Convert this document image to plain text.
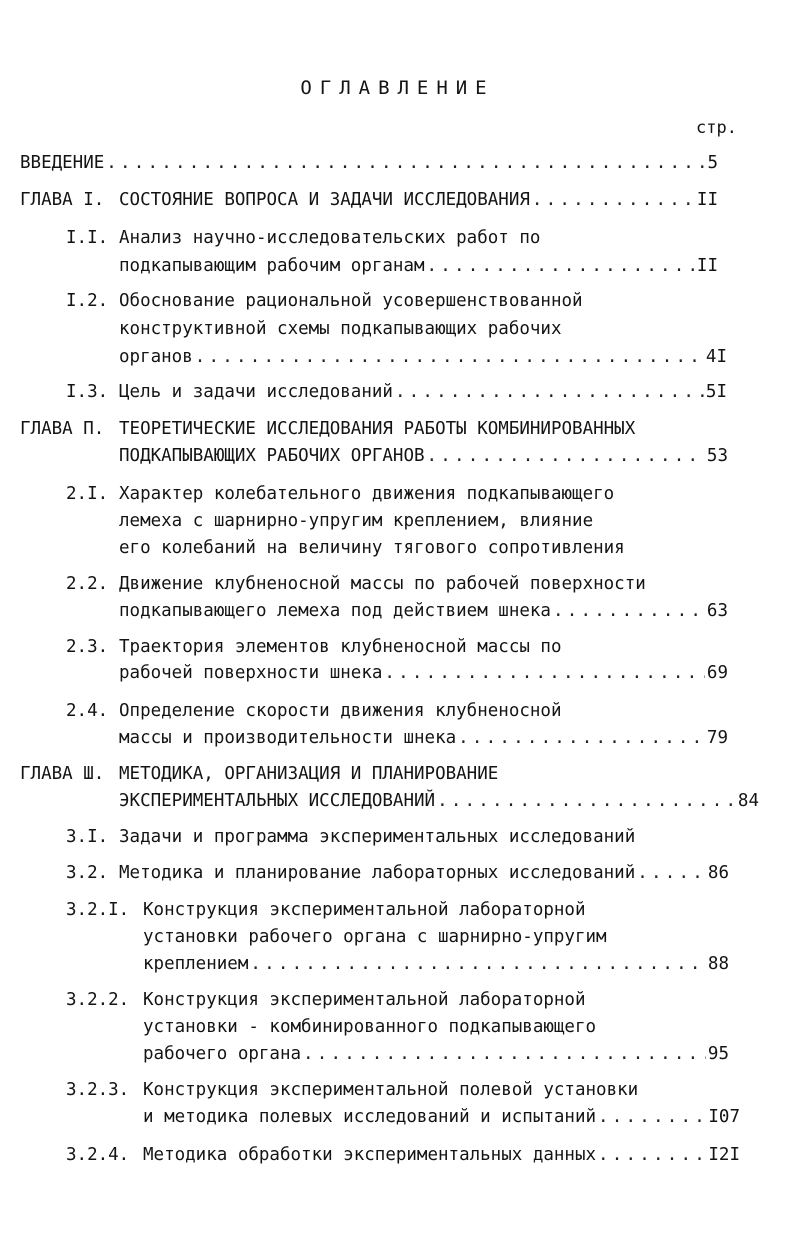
ОГЛАВЛЕНИЕ
стр.
ВВЕДЕНИЕ .....	5
ГЛАВА I. СОСТОЯНИЕ ВОПРОСА И ЗАДАЧИ ИССЛЕДОВАНИЯ .....	II
I.I. Анализ научно-исследовательских работ по
подкапывающим рабочим органам .....	II
I.2. Обоснование рациональной усовершенствованной
конструктивной схемы подкапывающих рабочих
органов .....	4I
I.3. Цель и задачи исследований .....	5I
ГЛАВА П. ТЕОРЕТИЧЕСКИЕ ИССЛЕДОВАНИЯ РАБОТЫ КОМБИНИРОВАННЫХ
ПОДКАПЫВАЮЩИХ РАБОЧИХ ОРГАНОВ .....	53
2.I. Характер колебательного движения подкапывающего
лемеха с шарнирно-упругим креплением, влияние
его колебаний на величину тягового сопротивления
2.2. Движение клубненосной массы по рабочей поверхности
подкапывающего лемеха под действием шнека .....	63
2.3. Траектория элементов клубненосной массы по
рабочей поверхности шнека .....	69
2.4. Определение скорости движения клубненосной
массы и производительности шнека .....	79
ГЛАВА Ш. МЕТОДИКА, ОРГАНИЗАЦИЯ И ПЛАНИРОВАНИЕ
ЭКСПЕРИМЕНТАЛЬНЫХ ИССЛЕДОВАНИЙ .....	84
3.I. Задачи и программа экспериментальных исследований
3.2. Методика и планирование лабораторных исследований .....	86
3.2.I. Конструкция экспериментальной лабораторной
установки рабочего органа с шарнирно-упругим
креплением .....	88
3.2.2. Конструкция экспериментальной лабораторной
установки - комбинированного подкапывающего
рабочего органа .....	95
3.2.3. Конструкция экспериментальной полевой установки
и методика полевых исследований и испытаний .....	I07
3.2.4. Методика обработки экспериментальных данных .....	I2I
